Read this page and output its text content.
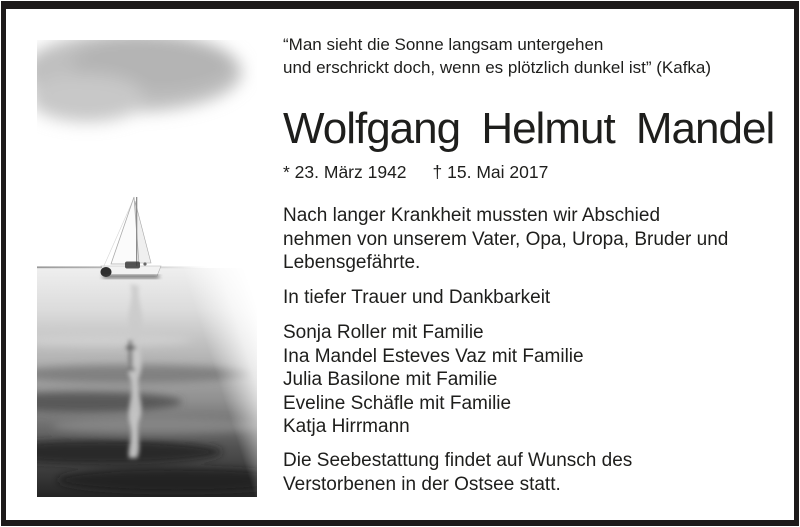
“Man sieht die Sonne langsam untergehen
und erschrickt doch, wenn es plötzlich dunkel ist” (Kafka)
Wolfgang Helmut Mandel
* 23. März 1942 † 15. Mai 2017
Nach langer Krankheit mussten wir Abschied
nehmen von unserem Vater, Opa, Uropa, Bruder und
Lebensgefährte.
In tiefer Trauer und Dankbarkeit
Sonja Roller mit Familie
Ina Mandel Esteves Vaz mit Familie
Julia Basilone mit Familie
Eveline Schäfle mit Familie
Katja Hirrmann
Die Seebestattung findet auf Wunsch des
Verstorbenen in der Ostsee statt.
